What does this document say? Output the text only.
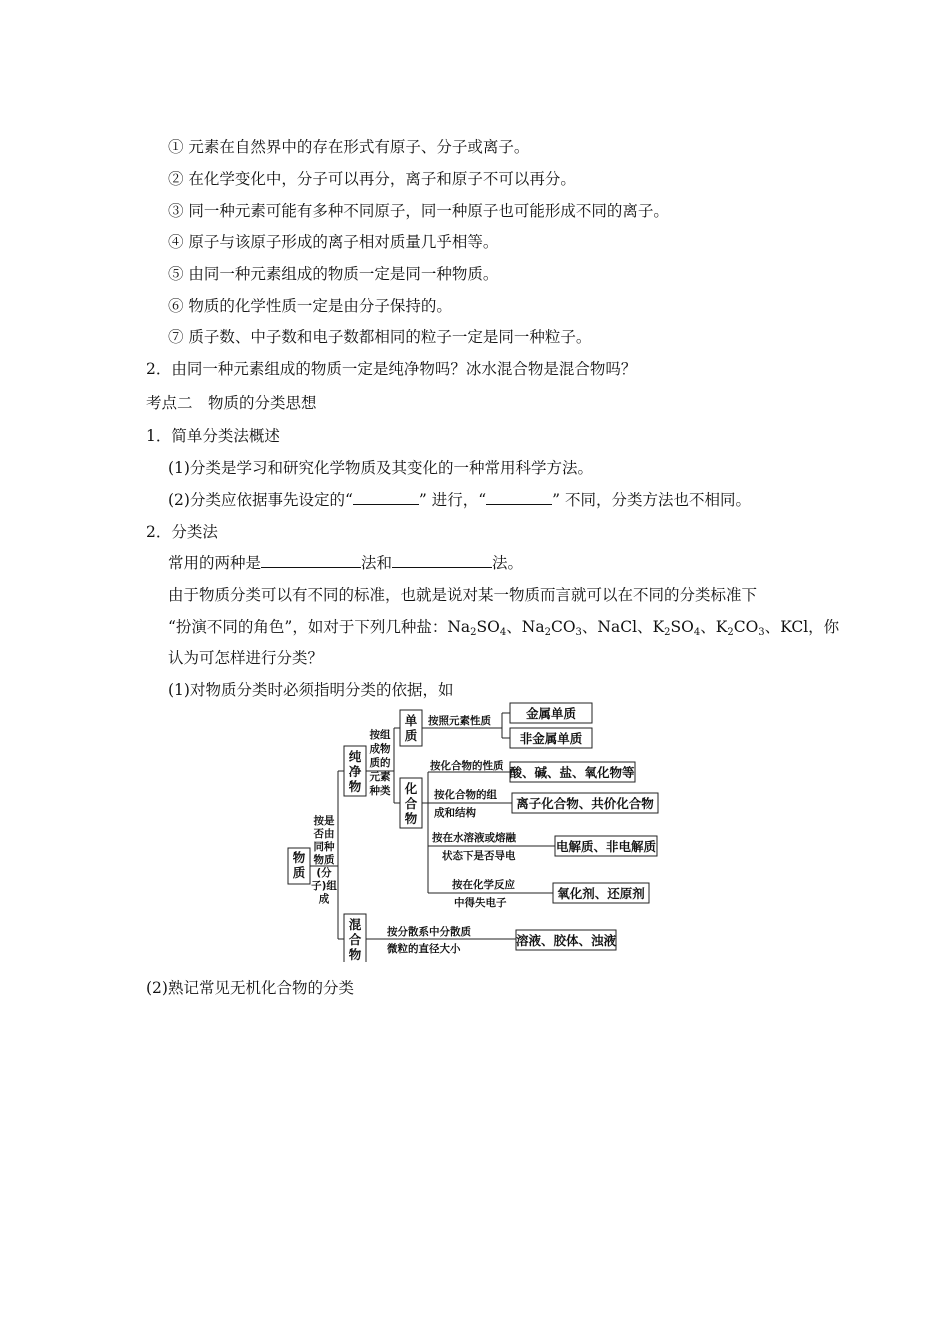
① 元素在自然界中的存在形式有原子、分子或离子。
② 在化学变化中，分子可以再分，离子和原子不可以再分。
③ 同一种元素可能有多种不同原子，同一种原子也可能形成不同的离子。
④ 原子与该原子形成的离子相对质量几乎相等。
⑤ 由同一种元素组成的物质一定是同一种物质。
⑥ 物质的化学性质一定是由分子保持的。
⑦ 质子数、中子数和电子数都相同的粒子一定是同一种粒子。
2．由同一种元素组成的物质一定是纯净物吗？冰水混合物是混合物吗？
考点二　物质的分类思想
1．简单分类法概述
(1)分类是学习和研究化学物质及其变化的一种常用科学方法。
(2)分类应依据事先设定的“	” 进行，“	” 不同，分类方法也不相同。
2．分类法
常用的两种是	法和	法。
由于物质分类可以有不同的标准，也就是说对某一物质而言就可以在不同的分类标准下
“扮演不同的角色”，如对于下列几种盐：$Na_2SO_4$、$Na_2CO_3$、NaCl、$K_2SO_4$、$K_2CO_3$、KCl，你
认为可怎样进行分类？
(1)对物质分类时必须指明分类的依据，如
物
质
按是
否由
同种
物质
(分
子)组
成
纯
净
物
混
合
物
按组
成物
质的
元素
种类
单
质
化
合
物
按照元素性质
按化合物的性质
按化合物的组
成和结构
按在水溶液或熔融
状态下是否导电
按在化学反应
中得失电子
按分散系中分散质
微粒的直径大小
金属单质
非金属单质
酸、碱、盐、氧化物等
离子化合物、共价化合物
电解质、非电解质
氧化剂、还原剂
溶液、胶体、浊液
(2)熟记常见无机化合物的分类
